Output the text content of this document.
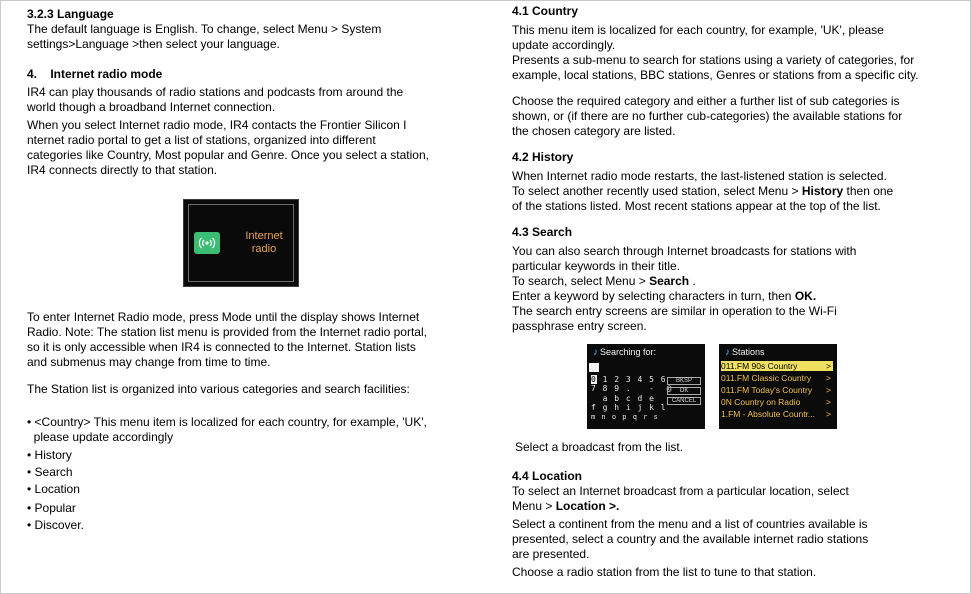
3.2.3 Language

The default language is English. To change, select Menu > System

settings>Language >then select your language.

4.    Internet radio mode

IR4 can play thousands of radio stations and podcasts from around the

world though a broadband Internet connection.

When you select Internet radio mode, IR4 contacts the Frontier Silicon I

nternet radio portal to get a list of stations, organized into different

categories like Country, Most popular and Genre. Once you select a station,

IR4 connects directly to that station.

Internet radio

To enter Internet Radio mode, press Mode until the display shows Internet

Radio. Note: The station list menu is provided from the Internet radio portal,

so it is only accessible when IR4 is connected to the Internet. Station lists

and submenus may change from time to time.

The Station list is organized into various categories and search facilities:

• <Country> This menu item is localized for each country, for example, 'UK',
please update accordingly
• History
• Search
• Location
• Popular
• Discover.
4.1 Country

This menu item is localized for each country, for example, 'UK', please

update accordingly.

Presents a sub-menu to search for stations using a variety of categories, for

example, local stations, BBC stations, Genres or stations from a specific city.

Choose the required category and either a further list of sub categories is

shown, or (if there are no further cub-categories) the available stations for

the chosen category are listed.

4.2 History

When Internet radio mode restarts, the last-listened station is selected.

To select another recently used station, select Menu > History then one

of the stations listed. Most recent stations appear at the top of the list.

4.3 Search

You can also search through Internet broadcasts for stations with

particular keywords in their title.

To search, select Menu > Search .

Enter a keyword by selecting characters in turn, then OK.

The search entry screens are similar in operation to the Wi-Fi

passphrase entry screen.

♪ Searching for:
0 1 2 3 4 5 6
7 8 9 .   -  @
a b c d e
f g h i j k l
m n o p q r s
BKSP
OK
CANCEL
♪ Stations
011.FM 90s Country	>
011.FM Classic Country >
011.FM Today's Country >
0N Country on Radio	>
1.FM - Absolute Countr... >

Select a broadcast from the list.

4.4 Location

To select an Internet broadcast from a particular location, select

Menu > Location >.

Select a continent from the menu and a list of countries available is

presented, select a country and the available internet radio stations

are presented.

Choose a radio station from the list to tune to that station.
